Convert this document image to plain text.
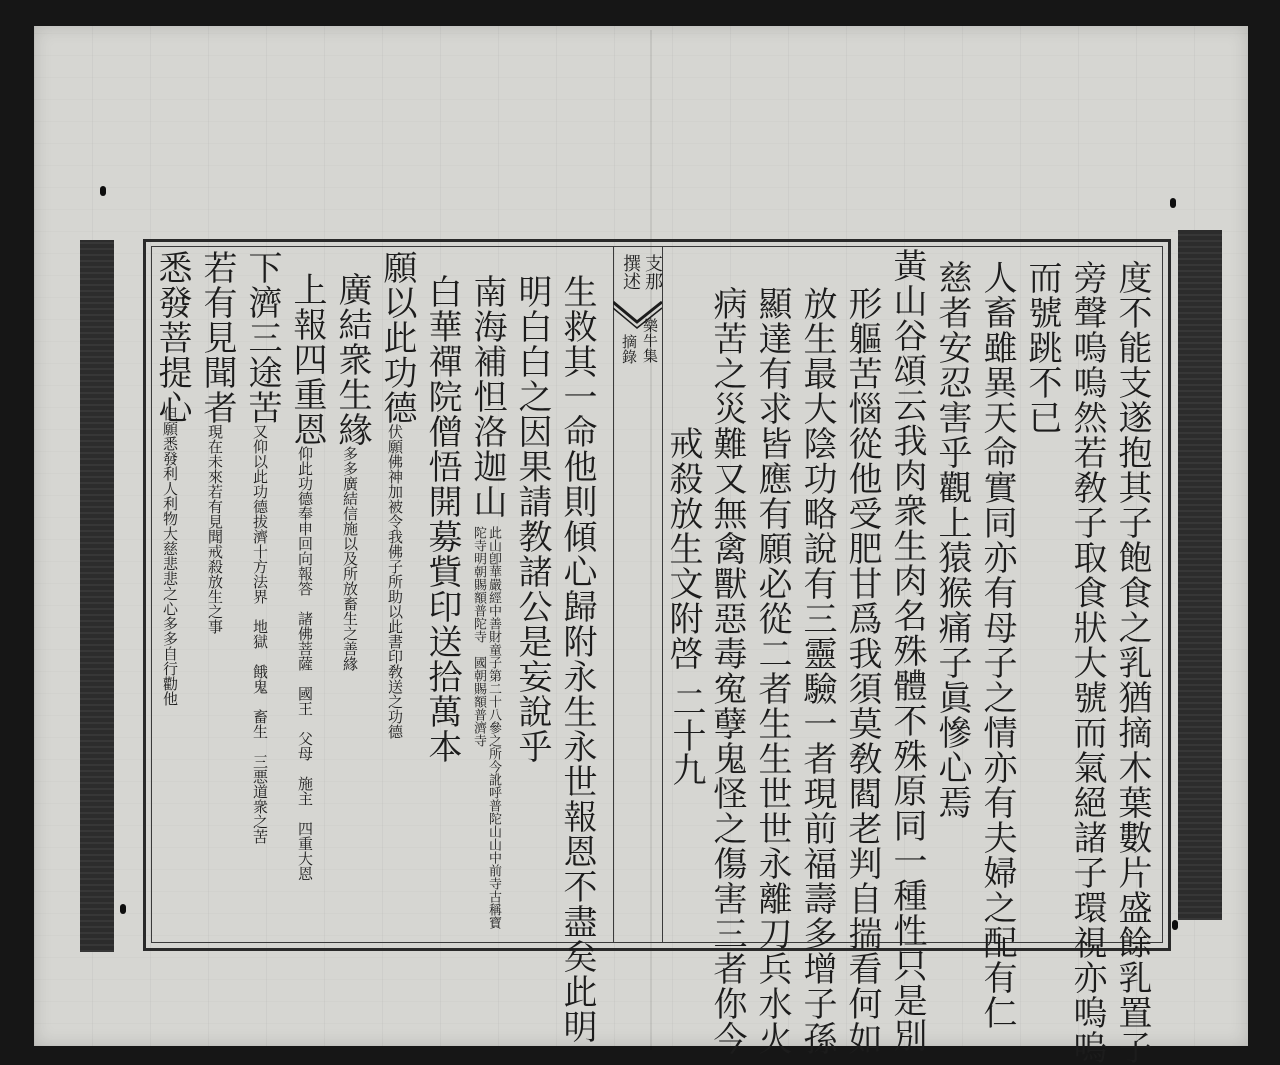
度不能支遂抱其子飽食之乳猶摘木葉數片盛餘乳置子
旁聲嗚嗚然若敎子取食狀大號而氣絕諸子環視亦嗚嗚
而號跳不已
人畜雖異天命實同亦有母子之情亦有夫婦之配有仁
慈者安忍害乎觀上猿猴痛子眞慘心焉
黃山谷頌云我肉衆生肉名殊體不殊原同一種性只是別
形軀苦惱從他受肥甘爲我須莫敎閻老判自揣看何如
放生最大陰功略說有三靈驗一者現前福壽多增子孫
顯達有求皆應有願必從二者生生世世永離刀兵水火
病苦之災難又無禽獸惡毒寃孽鬼怪之傷害三者你今
戒殺放生文附啓
二十九
支那
撰述
樂牛集
摘錄
生救其一命他則傾心歸附永生永世報恩不盡矣此明
明白白之因果請教諸公是妄說乎
南海補怛洛迦山
此山卽華嚴經中善財童子第二十八參之所今訛呼普陀山山中前寺古稱寶陀寺明朝賜額普陀寺　國朝賜額普濟寺
白華禪院僧悟開募貲印送拾萬本
願以此功德
伏願佛神加被令我佛子所助以此書印敎送之功德
廣結衆生緣
多多廣結信施以及所放畜生之善緣
上報四重恩
仰此功德奉申回向報答　諸佛菩薩　國王　父母　施主　四重大恩
下濟三途苦
又仰以此功德拔濟十方法界　地獄　餓鬼　畜生　三悪道衆之苦
若有見聞者
現在未來若有見聞戒殺放生之事
悉發菩提心
但願悉發利人利物大慈悲悲之心多多自行勸他
